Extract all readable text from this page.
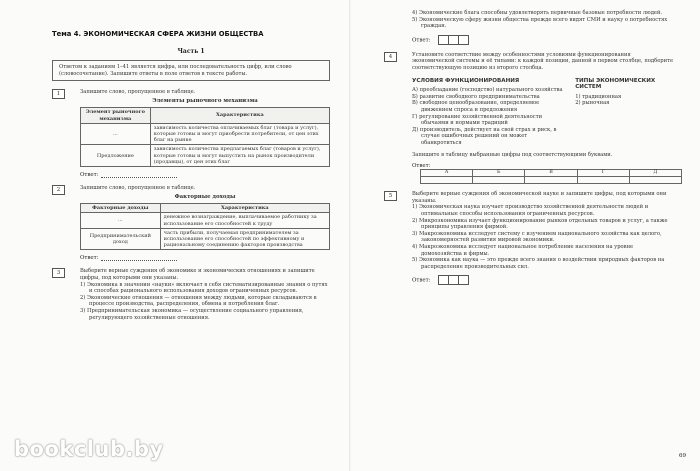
Тема 4. ЭКОНОМИЧЕСКАЯ СФЕРА ЖИЗНИ ОБЩЕСТВА
Часть 1
Ответом к заданиям 1–41 является цифра, или последовательность цифр, или слово (словосочетание). Запишите ответы в поле ответов в тексте работы.
1	Запишите слово, пропущенное в таблице.
Элементы рыночного механизма
Элемент рыночного механизма	Характеристика
...	зависимость количества оплачиваемых благ (товара и услуг), которые готовы и могут приобрести потребители, от цен этих благ на рынке
Предложение	зависимость количества предлагаемых благ (товаров и услуг), которые готовы и могут выпустить на рынок производители (продавцы), от цен этих благ
Ответ:
2	Запишите слово, пропущенное в таблице.
Факторные доходы
Факторные доходы	Характеристика
...	денежное вознаграждение, выплачиваемое работнику за использование его способностей к труду
Предпринимательский доход	часть прибыли, получаемая предпринимателем за использование его способностей по эффективному и рациональному соединению факторов производства
Ответ:
3	Выберите верные суждения об экономике и экономических отношениях и запишите цифры, под которыми они указаны.
1) Экономика в значении «науки» включает в себя систематизированные знания о путях и способах рационального использования доходов ограниченных ресурсов.
2) Экономические отношения — отношения между людьми, которые складываются в процессе производства, распределения, обмена и потребления благ.
3) Предпринимательская экономика — осуществление социального управления, регулирующего хозяйственные отношения.
bookclub.by
4) Экономические блага способны удовлетворять первичные базовые потребности людей.
5) Экономическую сферу жизни общества прежде всего видят СМИ и науку о потребностях граждан.
Ответ:
4	Установите соответствие между особенностями условиями функционирования экономической системы и её типами: к каждой позиции, данной в первом столбце, подберите соответствующую позицию из второго столбца.
УСЛОВИЯ ФУНКЦИОНИРОВАНИЯ
А) преобладание (господство) натурального хозяйства
Б) развитие свободного предпринимательства
В) свободное ценообразование, определяемое движением спроса и предложения
Г) регулирование хозяйственной деятельности обычаями и нормами традиций
Д) производитель, действует на свой страх и риск, в случае ошибочных решений он может обанкротиться
ТИПЫ ЭКОНОМИЧЕСКИХ СИСТЕМ
1) традиционная
2) рыночная
Запишите в таблицу выбранные цифры под соответствующими буквами.
Ответ: А	Б	В	Г	Д

5	Выберите верные суждения об экономической науке и запишите цифры, под которыми они указаны.
1) Экономическая наука изучает производство хозяйственной деятельности людей и оптимальные способы использования ограниченных ресурсов.
2) Микроэкономика изучает функционирование рынков отдельных товаров и услуг, а также принципы управления фирмой.
3) Макроэкономика исследует систему с изучением национального хозяйства как целого, закономерностей развития мировой экономики.
4) Макроэкономика исследует национальное потребление населения на уровне домохозяйства и фирмы.
5) Экономика как наука — это прежде всего знания о воздействии природных факторов на распределение производительных сил.
Ответ:
69
